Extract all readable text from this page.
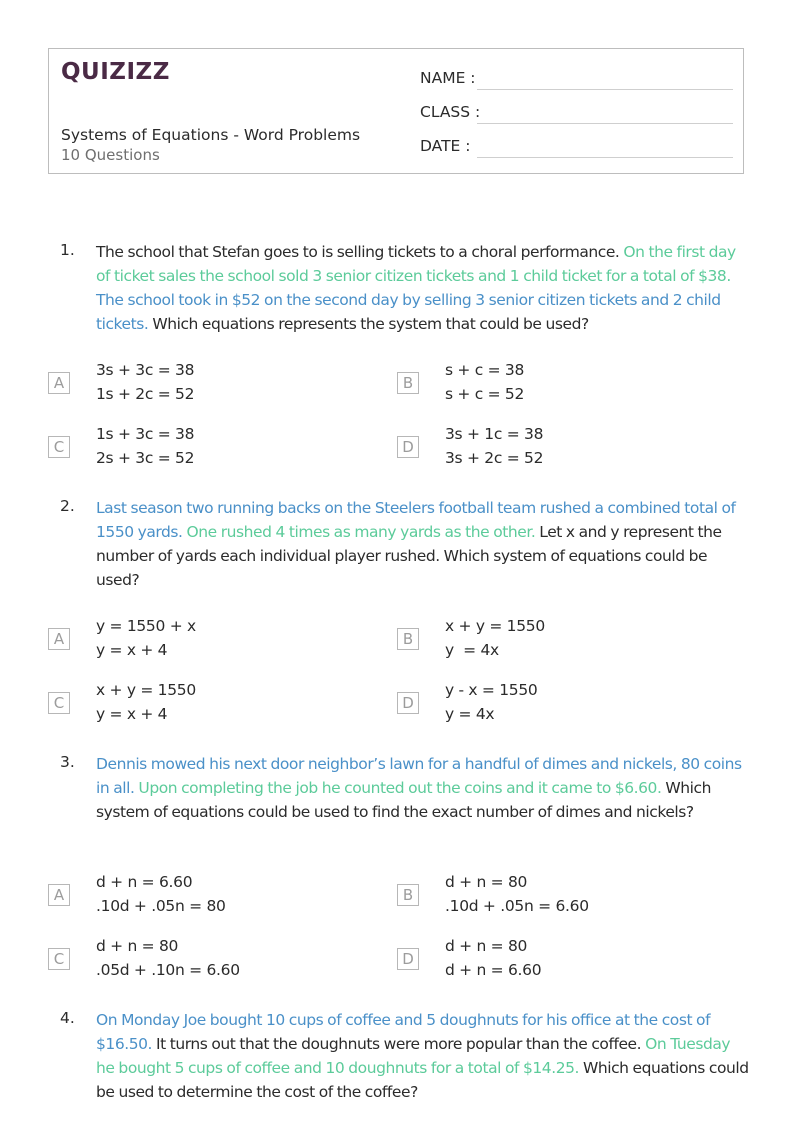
QUIZIZZ
Systems of Equations - Word Problems
10 Questions
NAME :
CLASS :
DATE :
1. The school that Stefan goes to is selling tickets to a choral performance. On the first day of ticket sales the school sold 3 senior citizen tickets and 1 child ticket for a total of $38. The school took in $52 on the second day by selling 3 senior citizen tickets and 2 child tickets. Which equations represents the system that could be used?
A
3s + 3c = 38
1s + 2c = 52
B
s + c = 38
s + c = 52
C
1s + 3c = 38
2s + 3c = 52
D
3s + 1c = 38
3s + 2c = 52
2. Last season two running backs on the Steelers football team rushed a combined total of 1550 yards. One rushed 4 times as many yards as the other. Let x and y represent the number of yards each individual player rushed. Which system of equations could be used?
A
y = 1550 + x
y = x + 4
B
x + y = 1550
y  = 4x
C
x + y = 1550
y = x + 4
D
y - x = 1550
y = 4x
3. Dennis mowed his next door neighbor’s lawn for a handful of dimes and nickels, 80 coins in all. Upon completing the job he counted out the coins and it came to $6.60. Which system of equations could be used to find the exact number of dimes and nickels?
A
d + n = 6.60
.10d + .05n = 80
B
d + n = 80
.10d + .05n = 6.60
C
d + n = 80
.05d + .10n = 6.60
D
d + n = 80
d + n = 6.60
4. On Monday Joe bought 10 cups of coffee and 5 doughnuts for his office at the cost of $16.50. It turns out that the doughnuts were more popular than the coffee. On Tuesday he bought 5 cups of coffee and 10 doughnuts for a total of $14.25. Which equations could be used to determine the cost of the coffee?
